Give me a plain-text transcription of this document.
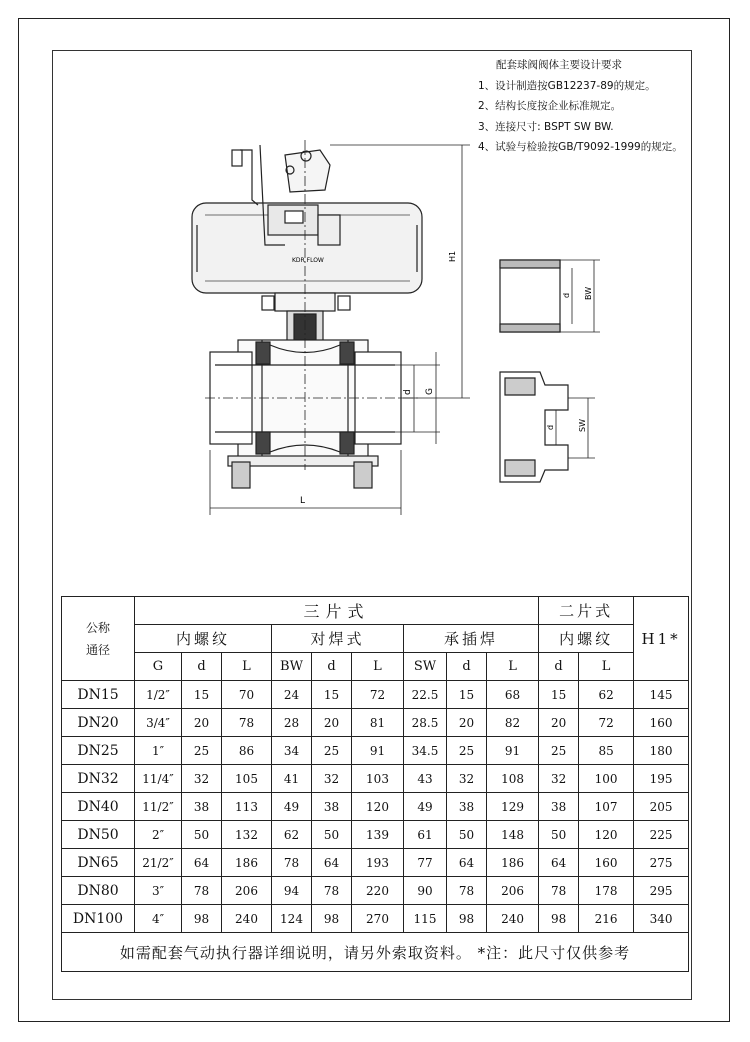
KDR FLOW	H1
d G
L
d BW
d	SW
配套球阀阀体主要设计要求
1、设计制造按GB12237-89的规定。
2、结构长度按企业标准规定。
3、连接尺寸: BSPT SW BW.
4、试验与检验按GB/T9092-1999的规定。
公称
通径	三片式									二片式		H1*
	内螺纹			对焊式			承插焊			内螺纹		
	G	d	L	BW	d	L	SW	d	L	d	L	
DN15	1/2″	15	70	24	15	72	22.5	15	68	15	62	145
DN20	3/4″	20	78	28	20	81	28.5	20	82	20	72	160
DN25	1″	25	86	34	25	91	34.5	25	91	25	85	180
DN32	11/4″	32	105	41	32	103	43	32	108	32	100	195
DN40	11/2″	38	113	49	38	120	49	38	129	38	107	205
DN50	2″	50	132	62	50	139	61	50	148	50	120	225
DN65	21/2″	64	186	78	64	193	77	64	186	64	160	275
DN80	3″	78	206	94	78	220	90	78	206	78	178	295
DN100	4″	98	240	124	98	270	115	98	240	98	216	340
如需配套气动执行器详细说明，请另外索取资料。 *注：此尺寸仅供参考												
